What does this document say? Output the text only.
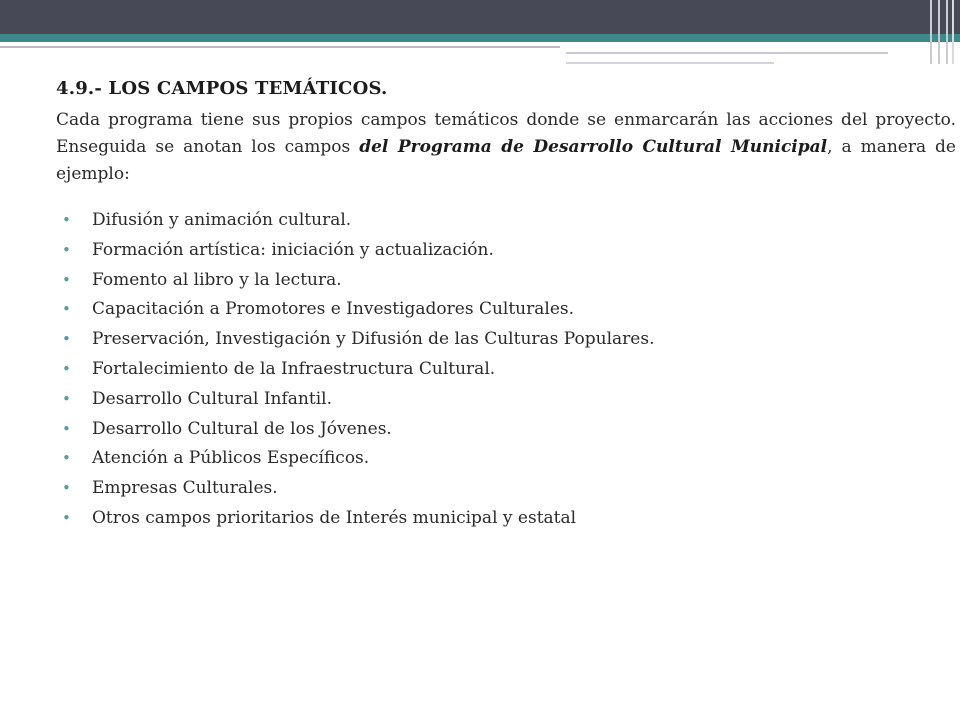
4.9.- LOS CAMPOS TEMÁTICOS.

Cada programa tiene sus propios campos temáticos donde se enmarcarán las acciones del proyecto. Enseguida se anotan los campos del Programa de Desarrollo Cultural Municipal, a manera de ejemplo:

•	Difusión y animación cultural.
•	Formación artística: iniciación y actualización.
•	Fomento al libro y la lectura.
•	Capacitación a Promotores e Investigadores Culturales.
•	Preservación, Investigación y Difusión de las Culturas Populares.
•	Fortalecimiento de la Infraestructura Cultural.
•	Desarrollo Cultural Infantil.
•	Desarrollo Cultural de los Jóvenes.
•	Atención a Públicos Específicos.
•	Empresas Culturales.
•	Otros campos prioritarios de Interés municipal y estatal
